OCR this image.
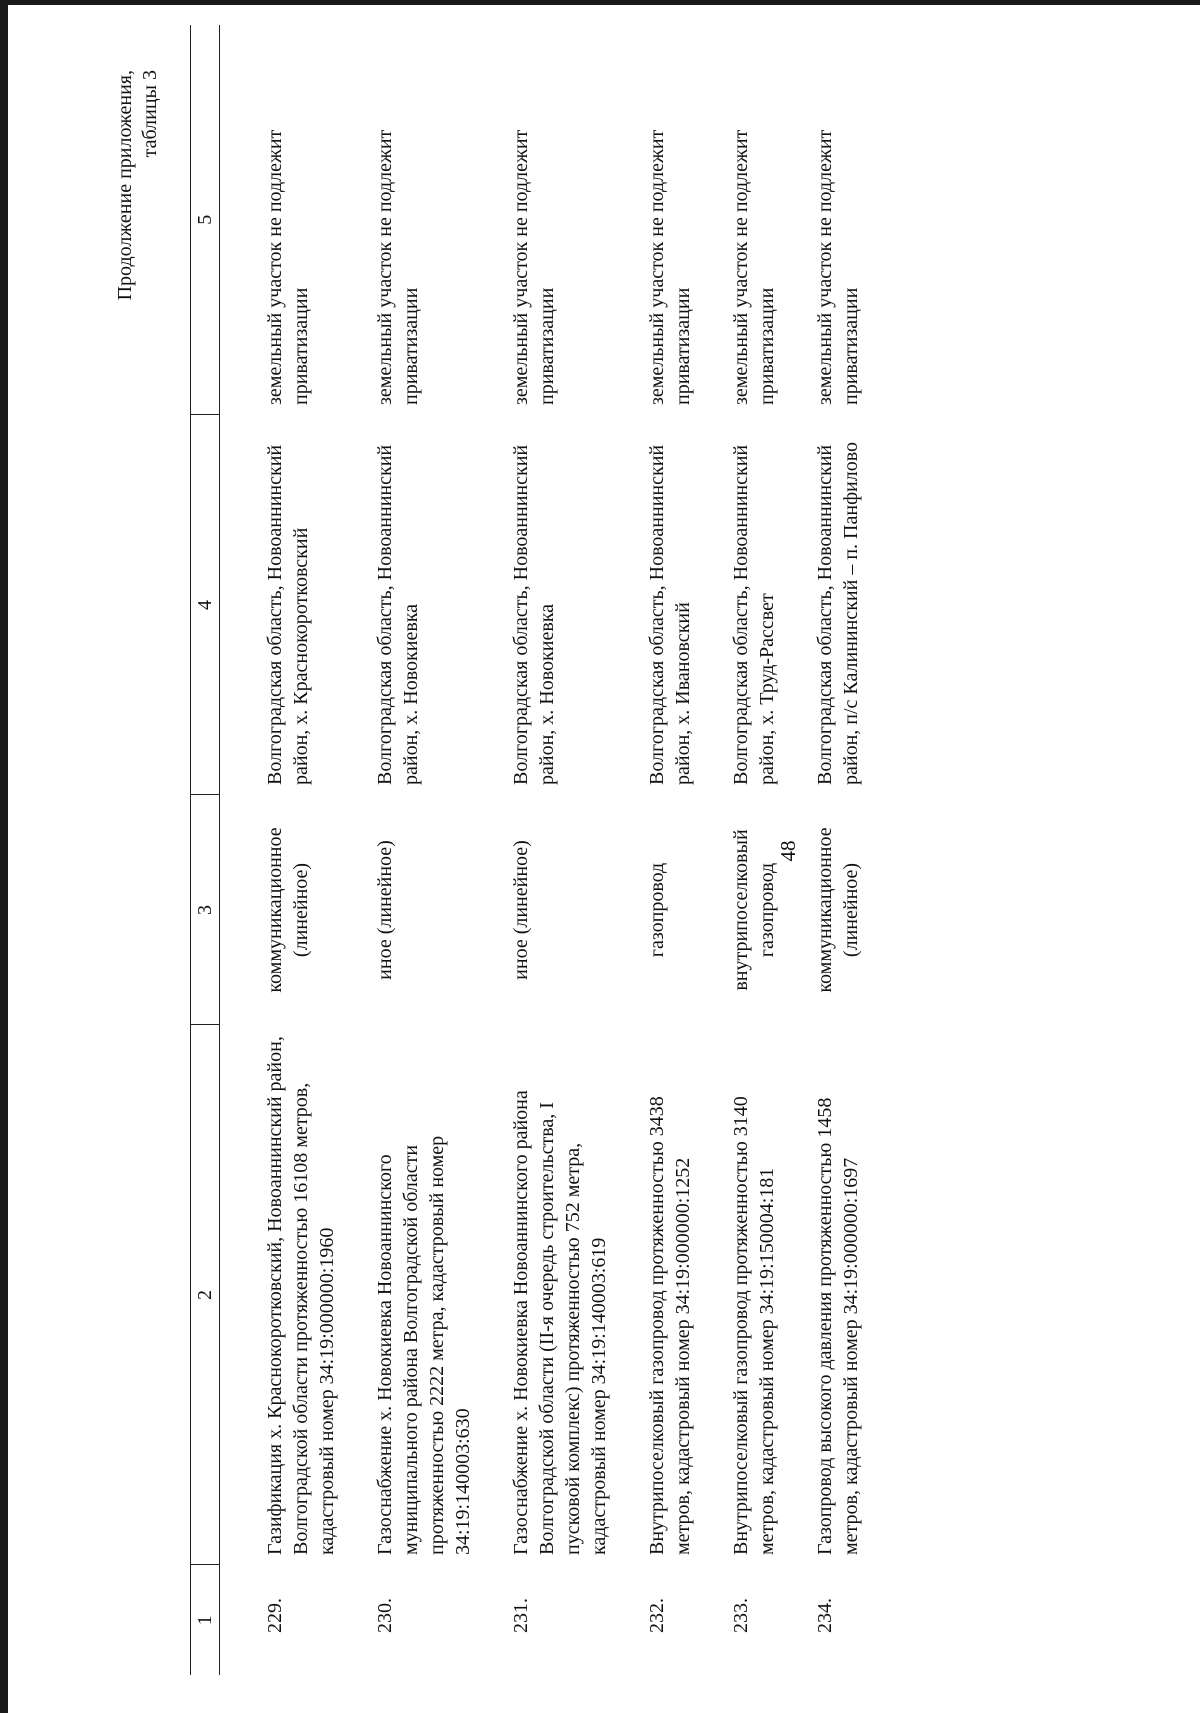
48
Продолжение приложения, таблицы 3
1	2	3	4	5
229.	Газификация х. Краснокоротковский, Новоаннинский район, Волгоградской области протяженностью 16108 метров, кадастровый номер 34:19:000000:1960	коммуникационное (линейное)	Волгоградская область, Новоаннинский район, х. Краснокоротковский	земельный участок не подлежит приватизации
230.	Газоснабжение х. Новокиевка Новоаннинского муниципального района Волгоградской области протяженностью 2222 метра, кадастровый номер 34:19:140003:630	иное (линейное)	Волгоградская область, Новоаннинский район, х. Новокиевка	земельный участок не подлежит приватизации
231.	Газоснабжение х. Новокиевка Новоаннинского района Волгоградской области (II-я очередь строительства, I пусковой комплекс) протяженностью 752 метра, кадастровый номер 34:19:140003:619	иное (линейное)	Волгоградская область, Новоаннинский район, х. Новокиевка	земельный участок не подлежит приватизации
232.	Внутрипоселковый газопровод протяженностью 3438 метров, кадастровый номер 34:19:000000:1252	газопровод	Волгоградская область, Новоаннинский район, х. Ивановский	земельный участок не подлежит приватизации
233.	Внутрипоселковый газопровод протяженностью 3140 метров, кадастровый номер 34:19:150004:181	внутрипоселковый газопровод	Волгоградская область, Новоаннинский район, х. Труд-Рассвет	земельный участок не подлежит приватизации
234.	Газопровод высокого давления протяженностью 1458 метров, кадастровый номер 34:19:000000:1697	коммуникационное (линейное)	Волгоградская область, Новоаннинский район, п/с Калининский – п. Панфилово	земельный участок не подлежит приватизации
